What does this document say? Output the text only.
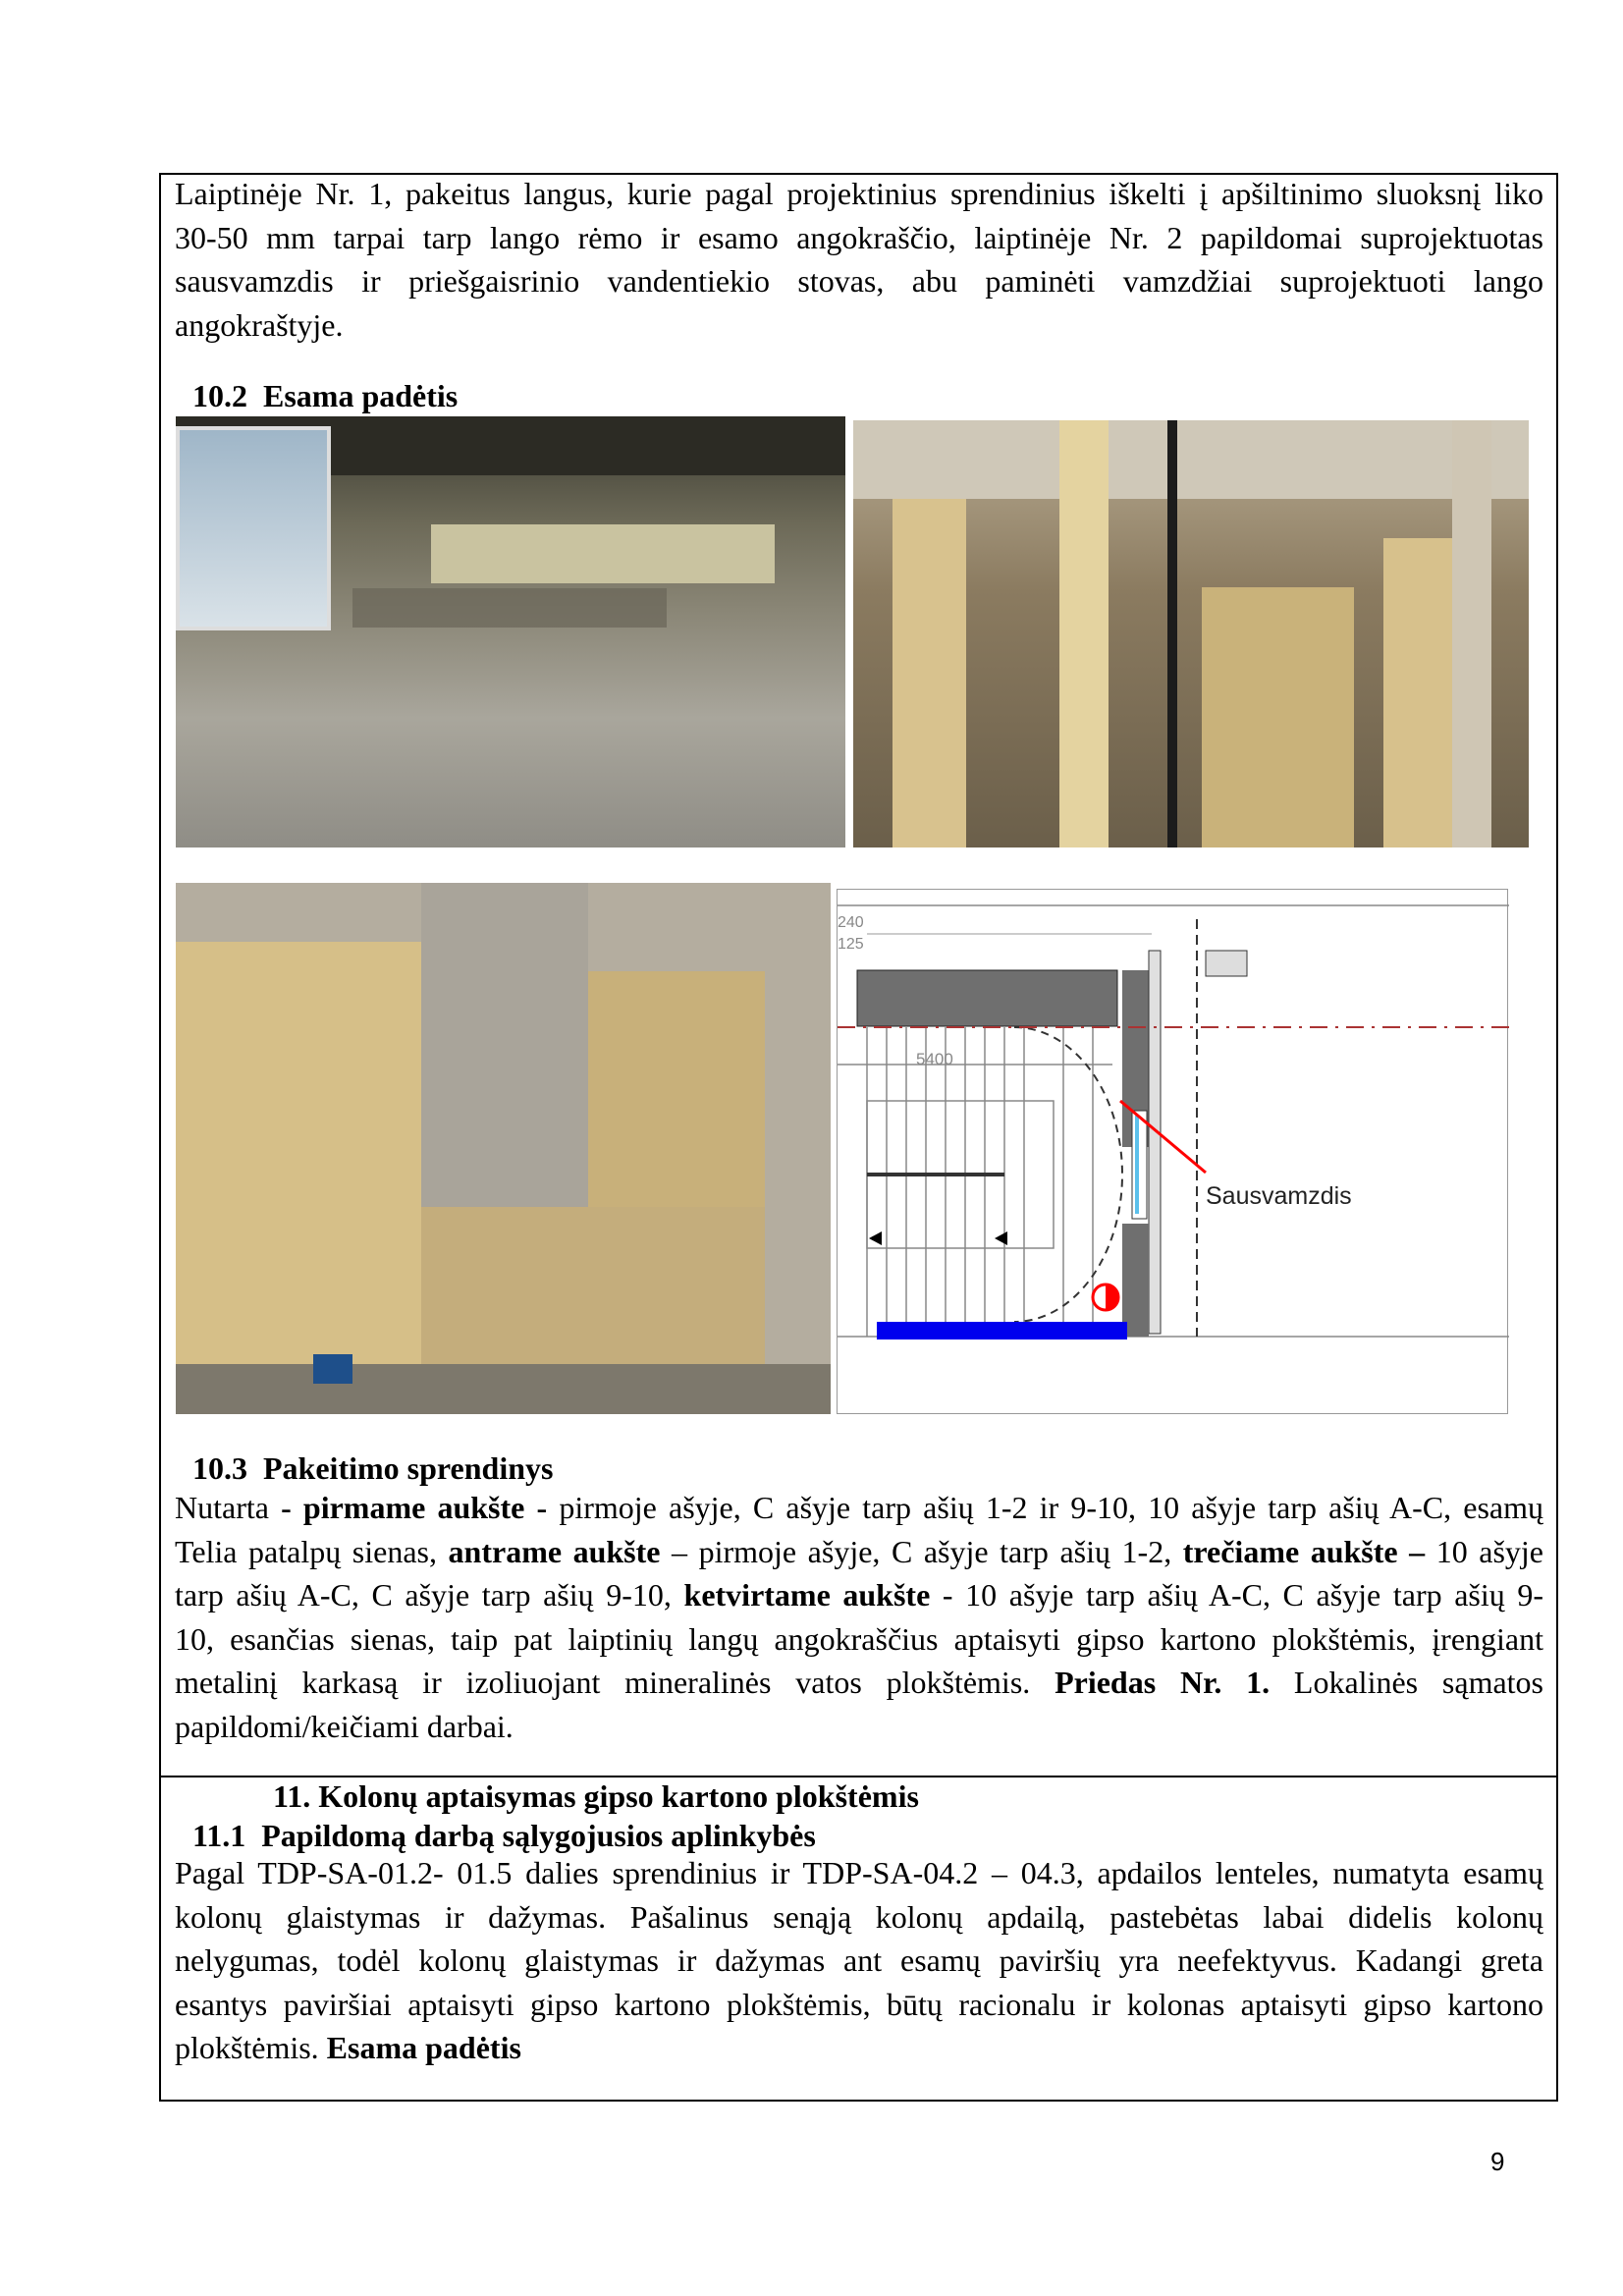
Laiptinėje Nr. 1, pakeitus langus, kurie pagal projektinius sprendinius iškelti į apšiltinimo sluoksnį liko
30-50 mm tarpai tarp lango rėmo ir esamo angokraščio, laiptinėje Nr. 2 papildomai suprojektuotas
sausvamzdis ir priešgaisrinio vandentiekio stovas, abu paminėti vamzdžiai suprojektuoti lango
angokraštyje.
10.2  Esama padėtis
5400
240
125
Sausvamzdis
10.3  Pakeitimo sprendinys
Nutarta - pirmame aukšte - pirmoje ašyje, C ašyje tarp ašių 1-2 ir 9-10, 10 ašyje tarp ašių A-C, esamų
Telia patalpų sienas, antrame aukšte – pirmoje ašyje, C ašyje tarp ašių 1-2, trečiame aukšte – 10 ašyje
tarp ašių A-C, C ašyje tarp ašių 9-10, ketvirtame aukšte - 10 ašyje tarp ašių A-C, C ašyje tarp ašių 9-
10, esančias sienas, taip pat laiptinių langų angokraščius aptaisyti gipso kartono plokštėmis, įrengiant
metalinį karkasą ir izoliuojant mineralinės vatos plokštėmis. Priedas Nr. 1. Lokalinės sąmatos
papildomi/keičiami darbai.
11. Kolonų aptaisymas gipso kartono plokštėmis
11.1  Papildomą darbą sąlygojusios aplinkybės
Pagal TDP-SA-01.2- 01.5 dalies sprendinius ir TDP-SA-04.2 – 04.3, apdailos lenteles, numatyta esamų
kolonų glaistymas ir dažymas. Pašalinus senąją kolonų apdailą, pastebėtas labai didelis kolonų
nelygumas, todėl kolonų glaistymas ir dažymas ant esamų paviršių yra neefektyvus. Kadangi greta
esantys paviršiai aptaisyti gipso kartono plokštėmis, būtų racionalu ir kolonas aptaisyti gipso kartono
plokštėmis. Esama padėtis
9
